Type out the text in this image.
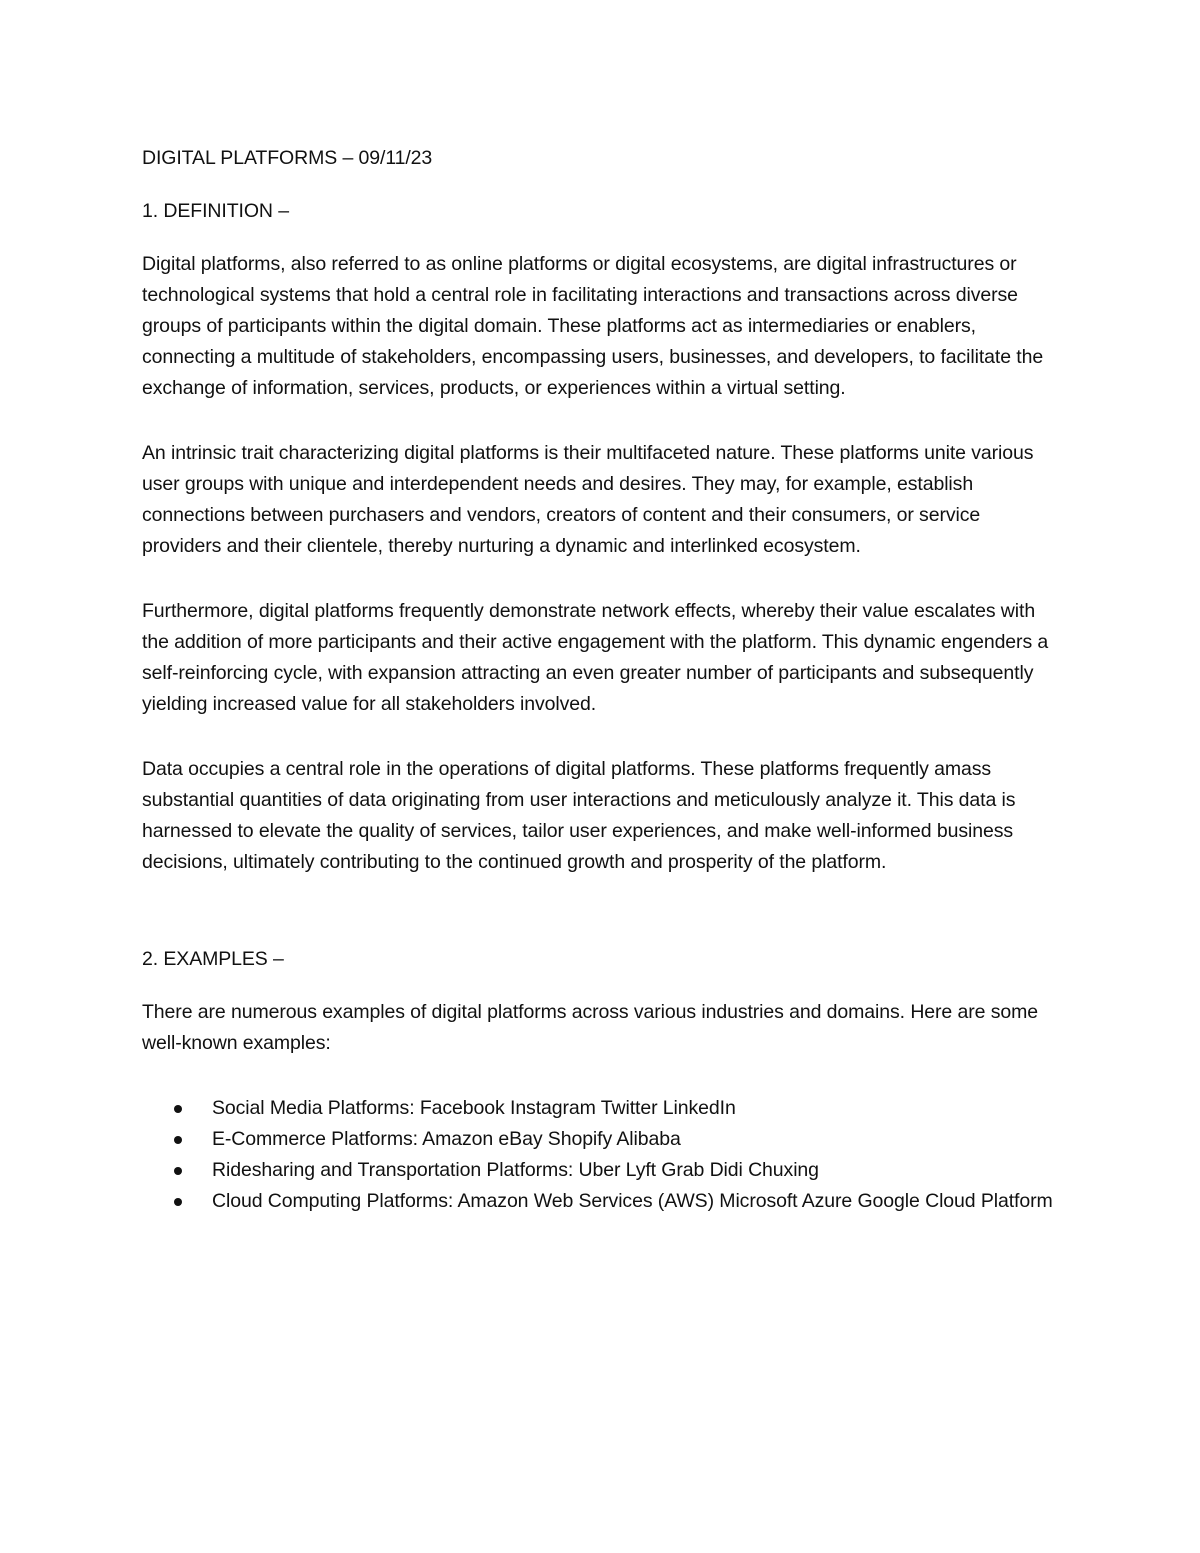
DIGITAL PLATFORMS – 09/11/23
1. DEFINITION –

Digital platforms, also referred to as online platforms or digital ecosystems, are digital infrastructures or technological systems that hold a central role in facilitating interactions and transactions across diverse groups of participants within the digital domain. These platforms act as intermediaries or enablers, connecting a multitude of stakeholders, encompassing users, businesses, and developers, to facilitate the exchange of information, services, products, or experiences within a virtual setting.

An intrinsic trait characterizing digital platforms is their multifaceted nature. These platforms unite various user groups with unique and interdependent needs and desires. They may, for example, establish connections between purchasers and vendors, creators of content and their consumers, or service providers and their clientele, thereby nurturing a dynamic and interlinked ecosystem.

Furthermore, digital platforms frequently demonstrate network effects, whereby their value escalates with the addition of more participants and their active engagement with the platform. This dynamic engenders a self-reinforcing cycle, with expansion attracting an even greater number of participants and subsequently yielding increased value for all stakeholders involved.

Data occupies a central role in the operations of digital platforms. These platforms frequently amass substantial quantities of data originating from user interactions and meticulously analyze it. This data is harnessed to elevate the quality of services, tailor user experiences, and make well-informed business decisions, ultimately contributing to the continued growth and prosperity of the platform.

2. EXAMPLES –

There are numerous examples of digital platforms across various industries and domains. Here are some well-known examples:

Social Media Platforms: Facebook Instagram Twitter LinkedIn
E-Commerce Platforms: Amazon eBay Shopify Alibaba
Ridesharing and Transportation Platforms: Uber Lyft Grab Didi Chuxing
Cloud Computing Platforms: Amazon Web Services (AWS) Microsoft Azure Google Cloud Platform
